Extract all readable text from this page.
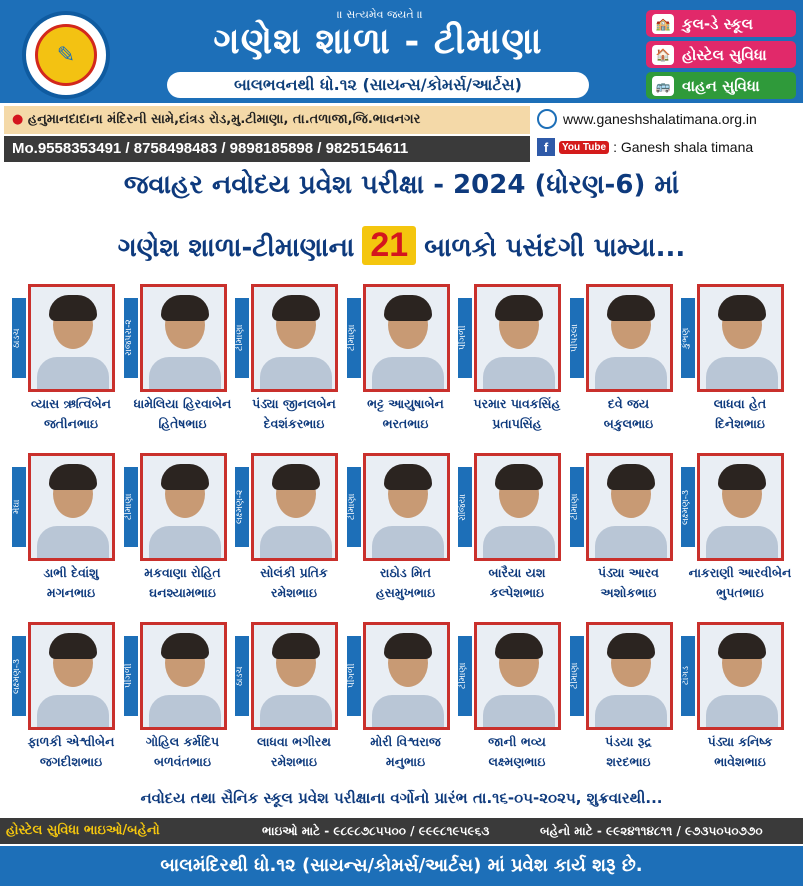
✎
॥ સત્યમેવ જયતે ॥
ગણેશ શાળા - ટીમાણા
બાલભવનથી ધો.૧૨ (સાયન્સ/કોમર્સ/આર્ટસ)
🏫 કુલ-ડે સ્કૂલ
🏠 હોસ્ટેલ સુવિધા
🚌 વાહન સુવિધા
● હનુમાનદાદાના મંદિરની સામે,દાંત્રડ રોડ,મુ.ટીમાણા, તા.તળાજા,જિ.ભાવનગર
Mo.9558353491 / 8758498483 / 9898185898 / 9825154611
www.ganeshshalatimana.org.in
f	You Tube : Ganesh shala timana
જવાહર નવોદય પ્રવેશ પરીક્ષા - 2024 (ધોરણ-6) માં
ગણેશ શાળા-ટીમાણાના 21 બાળકો પસંદગી પામ્યા...
ઠાડચ
વ્યાસ ઋત્વિબેન
જતીનભાઇ
રાજપરા-૨
ધામેલિયા હિરવાબેન
હિતેષભાઇ
ટીમાણા
પંડ્યા જીનલબેન
દેવશંકરભાઇ
ટીમાણા
ભટ્ટ આયુષાબેન
ભરતભાઇ
પીંગળી
પરમાર પાવકસિંહ
પ્રતાપસિંહ
પીપરલા
દવે જય
બકુલભાઇ
કુંભણ
લાધવા હેત
દિનેશભાઇ
મેઘા
ડાભી દેવાંશુ
મગનભાઇ
ટીમાણા
મકવાણા રોહિત
ઘનશ્યામભાઇ
લક્ષ્મણ-૨
સોલંકી પ્રતિક
રમેશભાઇ
ટીમાણા
રાઠોડ મિત
હસમુખભાઇ
રોજિયા
બારૈયા યશ
કલ્પેશભાઇ
ટીમાણા
પંડ્યા આરવ
અશોકભાઇ
લક્ષ્મણ-૩
નાકરાણી આરવીબેન
ભુપતભાઇ
લક્ષ્મણ-૩
ફાળકી એશ્વીબેન
જગદીશભાઇ
પીંગળી
ગોહિલ કર્મદિપ
બળવંતભાઇ
ઠાડચ
લાધવા ભગીરથ
રમેશભાઇ
પીંગળી
મોરી વિશ્વરાજ
મનુભાઇ
ટીમાણા
જાની ભવ્ય
લક્ષ્મણભાઇ
ટીમાણા
પંડયા રૂદ્ર
શરદભાઇ
ટાંગડ
પંડ્યા કનિષ્ક
ભાવેશભાઇ
નવોદય તથા સૈનિક સ્કૂલ પ્રવેશ પરીક્ષાના વર્ગોનો પ્રારંભ તા.૧૬-૦૫-૨૦૨૫, શુક્રવારથી...
હોસ્ટેલ સુવિધા ભાઇઓ/બહેનો	ભાઇઓ માટે - ૯૮૯૮૭૮૫૫૦૦ / ૯૯૯૮૧૯૫૯૬૩	બહેનો માટે - ૯૯૨૪૧૧૪૮૧૧ / ૯૭૩૫૦૫૦૭૭૦
બાલમંદિરથી ધો.૧૨ (સાયન્સ/કોમર્સ/આર્ટસ) માં પ્રવેશ કાર્ય શરૂ છે.
